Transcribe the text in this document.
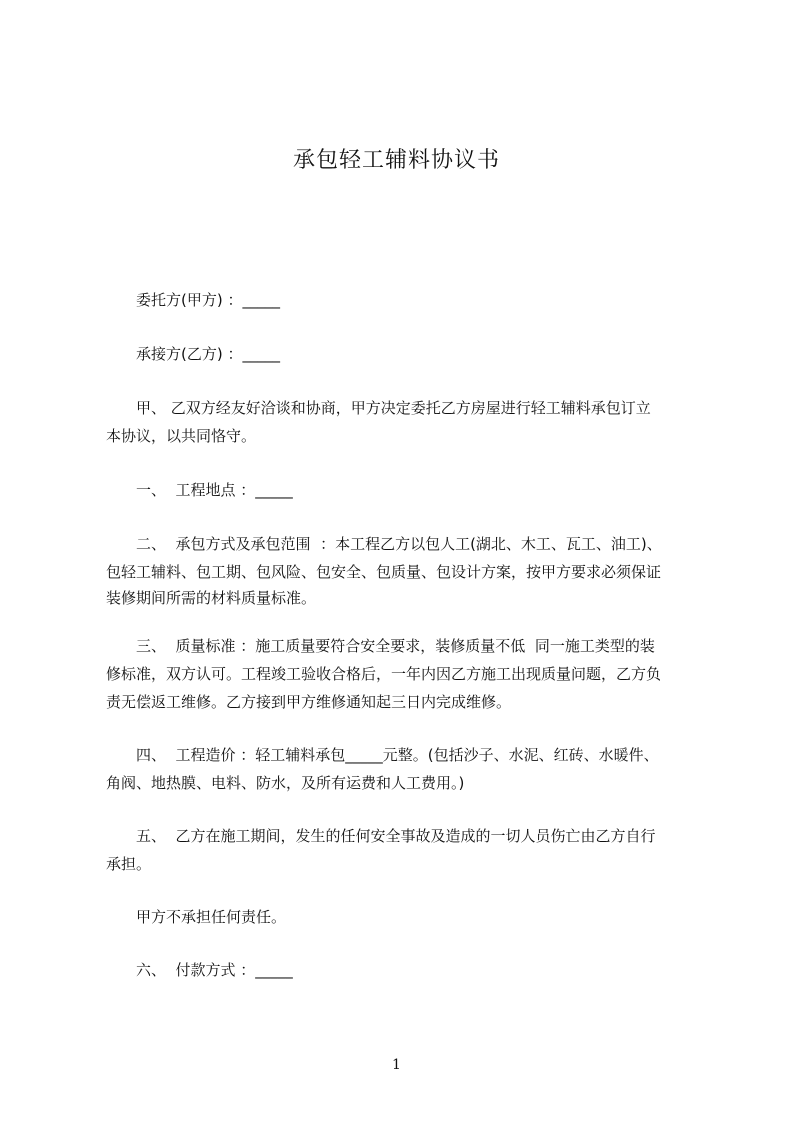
承包轻工辅料协议书
委托方(甲方) ：_____
承接方(乙方) ：_____
甲、 乙双方经友好洽谈和协商，甲方决定委托乙方房屋进行轻工辅料承包订立
本协议，以共同恪守。
一、  工程地点 ：_____
二、  承包方式及承包范围  ：本工程乙方以包人工(湖北、木工、瓦工、油工)、
包轻工辅料、包工期、包风险、包安全、包质量、包设计方案，按甲方要求必须保证
装修期间所需的材料质量标准。
三、  质量标准 ：施工质量要符合安全要求，装修质量不低  同一施工类型的装
修标准，双方认可。工程竣工验收合格后，一年内因乙方施工出现质量问题，乙方负
责无偿返工维修。乙方接到甲方维修通知起三日内完成维修。
四、  工程造价 ：轻工辅料承包_____元整。(包括沙子、水泥、红砖、水暖件、
角阀、地热膜、电料、防水，及所有运费和人工费用。)
五、  乙方在施工期间，发生的任何安全事故及造成的一切人员伤亡由乙方自行
承担。
甲方不承担任何责任。
六、  付款方式 ：_____
1
